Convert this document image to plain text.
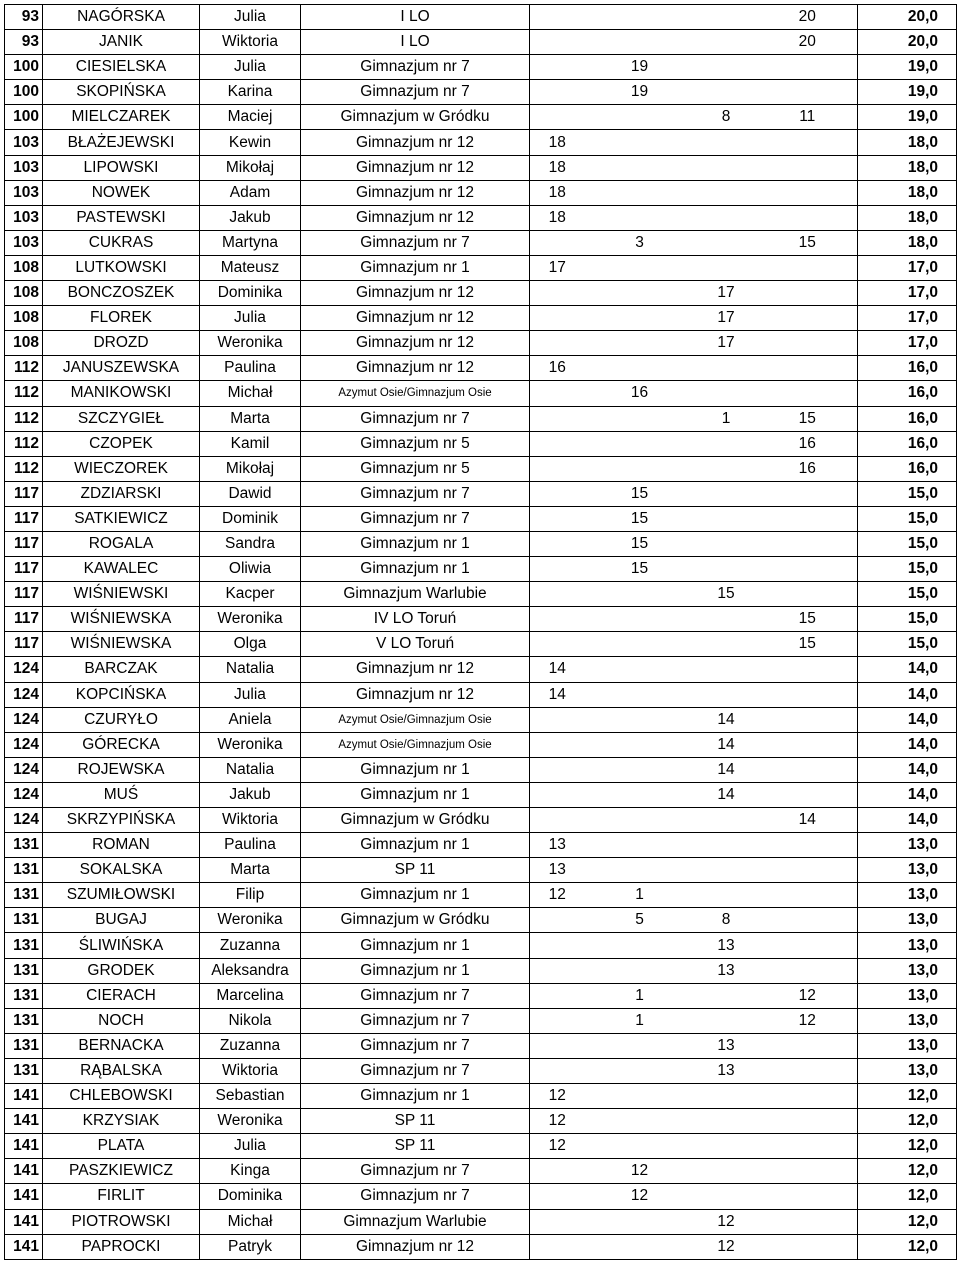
93	NAGÓRSKA	Julia	I LO				20	20,0
93	JANIK	Wiktoria	I LO				20	20,0
100	CIESIELSKA	Julia	Gimnazjum nr 7		19			19,0
100	SKOPIŃSKA	Karina	Gimnazjum nr 7		19			19,0
100	MIELCZAREK	Maciej	Gimnazjum w Gródku			8	11	19,0
103	BŁAŻEJEWSKI	Kewin	Gimnazjum nr 12	18				18,0
103	LIPOWSKI	Mikołaj	Gimnazjum nr 12	18				18,0
103	NOWEK	Adam	Gimnazjum nr 12	18				18,0
103	PASTEWSKI	Jakub	Gimnazjum nr 12	18				18,0
103	CUKRAS	Martyna	Gimnazjum nr 7		3		15	18,0
108	LUTKOWSKI	Mateusz	Gimnazjum nr 1	17				17,0
108	BONCZOSZEK	Dominika	Gimnazjum nr 12			17		17,0
108	FLOREK	Julia	Gimnazjum nr 12			17		17,0
108	DROZD	Weronika	Gimnazjum nr 12			17		17,0
112	JANUSZEWSKA	Paulina	Gimnazjum nr 12	16				16,0
112	MANIKOWSKI	Michał	Azymut Osie/Gimnazjum Osie		16			16,0
112	SZCZYGIEŁ	Marta	Gimnazjum nr 7			1	15	16,0
112	CZOPEK	Kamil	Gimnazjum nr 5				16	16,0
112	WIECZOREK	Mikołaj	Gimnazjum nr 5				16	16,0
117	ZDZIARSKI	Dawid	Gimnazjum nr 7		15			15,0
117	SATKIEWICZ	Dominik	Gimnazjum nr 7		15			15,0
117	ROGALA	Sandra	Gimnazjum nr 1		15			15,0
117	KAWALEC	Oliwia	Gimnazjum nr 1		15			15,0
117	WIŚNIEWSKI	Kacper	Gimnazjum Warlubie			15		15,0
117	WIŚNIEWSKA	Weronika	IV LO Toruń				15	15,0
117	WIŚNIEWSKA	Olga	V LO Toruń				15	15,0
124	BARCZAK	Natalia	Gimnazjum nr 12	14				14,0
124	KOPCIŃSKA	Julia	Gimnazjum nr 12	14				14,0
124	CZURYŁO	Aniela	Azymut Osie/Gimnazjum Osie			14		14,0
124	GÓRECKA	Weronika	Azymut Osie/Gimnazjum Osie			14		14,0
124	ROJEWSKA	Natalia	Gimnazjum nr 1			14		14,0
124	MUŚ	Jakub	Gimnazjum nr 1			14		14,0
124	SKRZYPIŃSKA	Wiktoria	Gimnazjum w Gródku				14	14,0
131	ROMAN	Paulina	Gimnazjum nr 1	13				13,0
131	SOKALSKA	Marta	SP 11	13				13,0
131	SZUMIŁOWSKI	Filip	Gimnazjum nr 1	12	1			13,0
131	BUGAJ	Weronika	Gimnazjum w Gródku		5	8		13,0
131	ŚLIWIŃSKA	Zuzanna	Gimnazjum nr 1			13		13,0
131	GRODEK	Aleksandra	Gimnazjum nr 1			13		13,0
131	CIERACH	Marcelina	Gimnazjum nr 7		1		12	13,0
131	NOCH	Nikola	Gimnazjum nr 7		1		12	13,0
131	BERNACKA	Zuzanna	Gimnazjum nr 7			13		13,0
131	RĄBALSKA	Wiktoria	Gimnazjum nr 7			13		13,0
141	CHLEBOWSKI	Sebastian	Gimnazjum nr 1	12				12,0
141	KRZYSIAK	Weronika	SP 11	12				12,0
141	PLATA	Julia	SP 11	12				12,0
141	PASZKIEWICZ	Kinga	Gimnazjum nr 7		12			12,0
141	FIRLIT	Dominika	Gimnazjum nr 7		12			12,0
141	PIOTROWSKI	Michał	Gimnazjum Warlubie			12		12,0
141	PAPROCKI	Patryk	Gimnazjum nr 12			12		12,0
